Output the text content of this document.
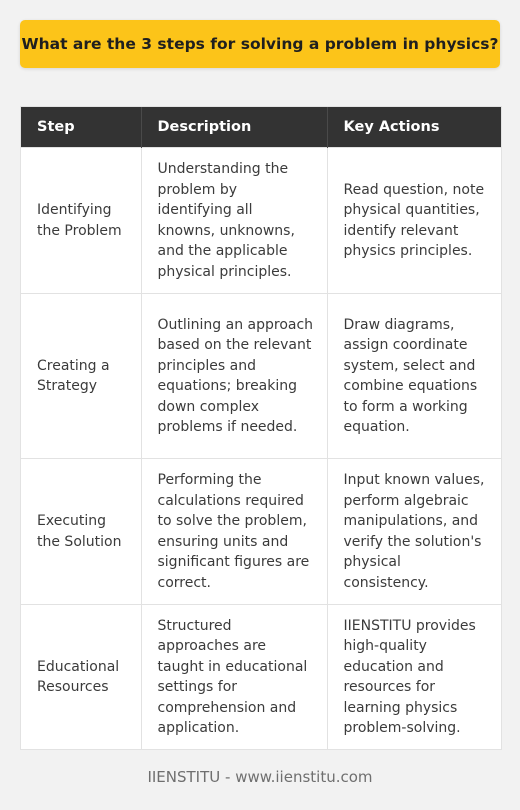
What are the 3 steps for solving a problem in physics?
Step	Description	Key Actions
Identifying the Problem	Understanding the problem by identifying all knowns, unknowns, and the applicable physical principles.	Read question, note physical quantities, identify relevant physics principles.
Creating a Strategy	Outlining an approach based on the relevant principles and equations; breaking down complex problems if needed.	Draw diagrams, assign coordinate system, select and combine equations to form a working equation.
Executing the Solution	Performing the calculations required to solve the problem, ensuring units and significant figures are correct.	Input known values, perform algebraic manipulations, and verify the solution's physical consistency.
Educational Resources	Structured approaches are taught in educational settings for comprehension and application.	IIENSTITU provides high-quality education and resources for learning physics problem-solving.
IIENSTITU - www.iienstitu.com
